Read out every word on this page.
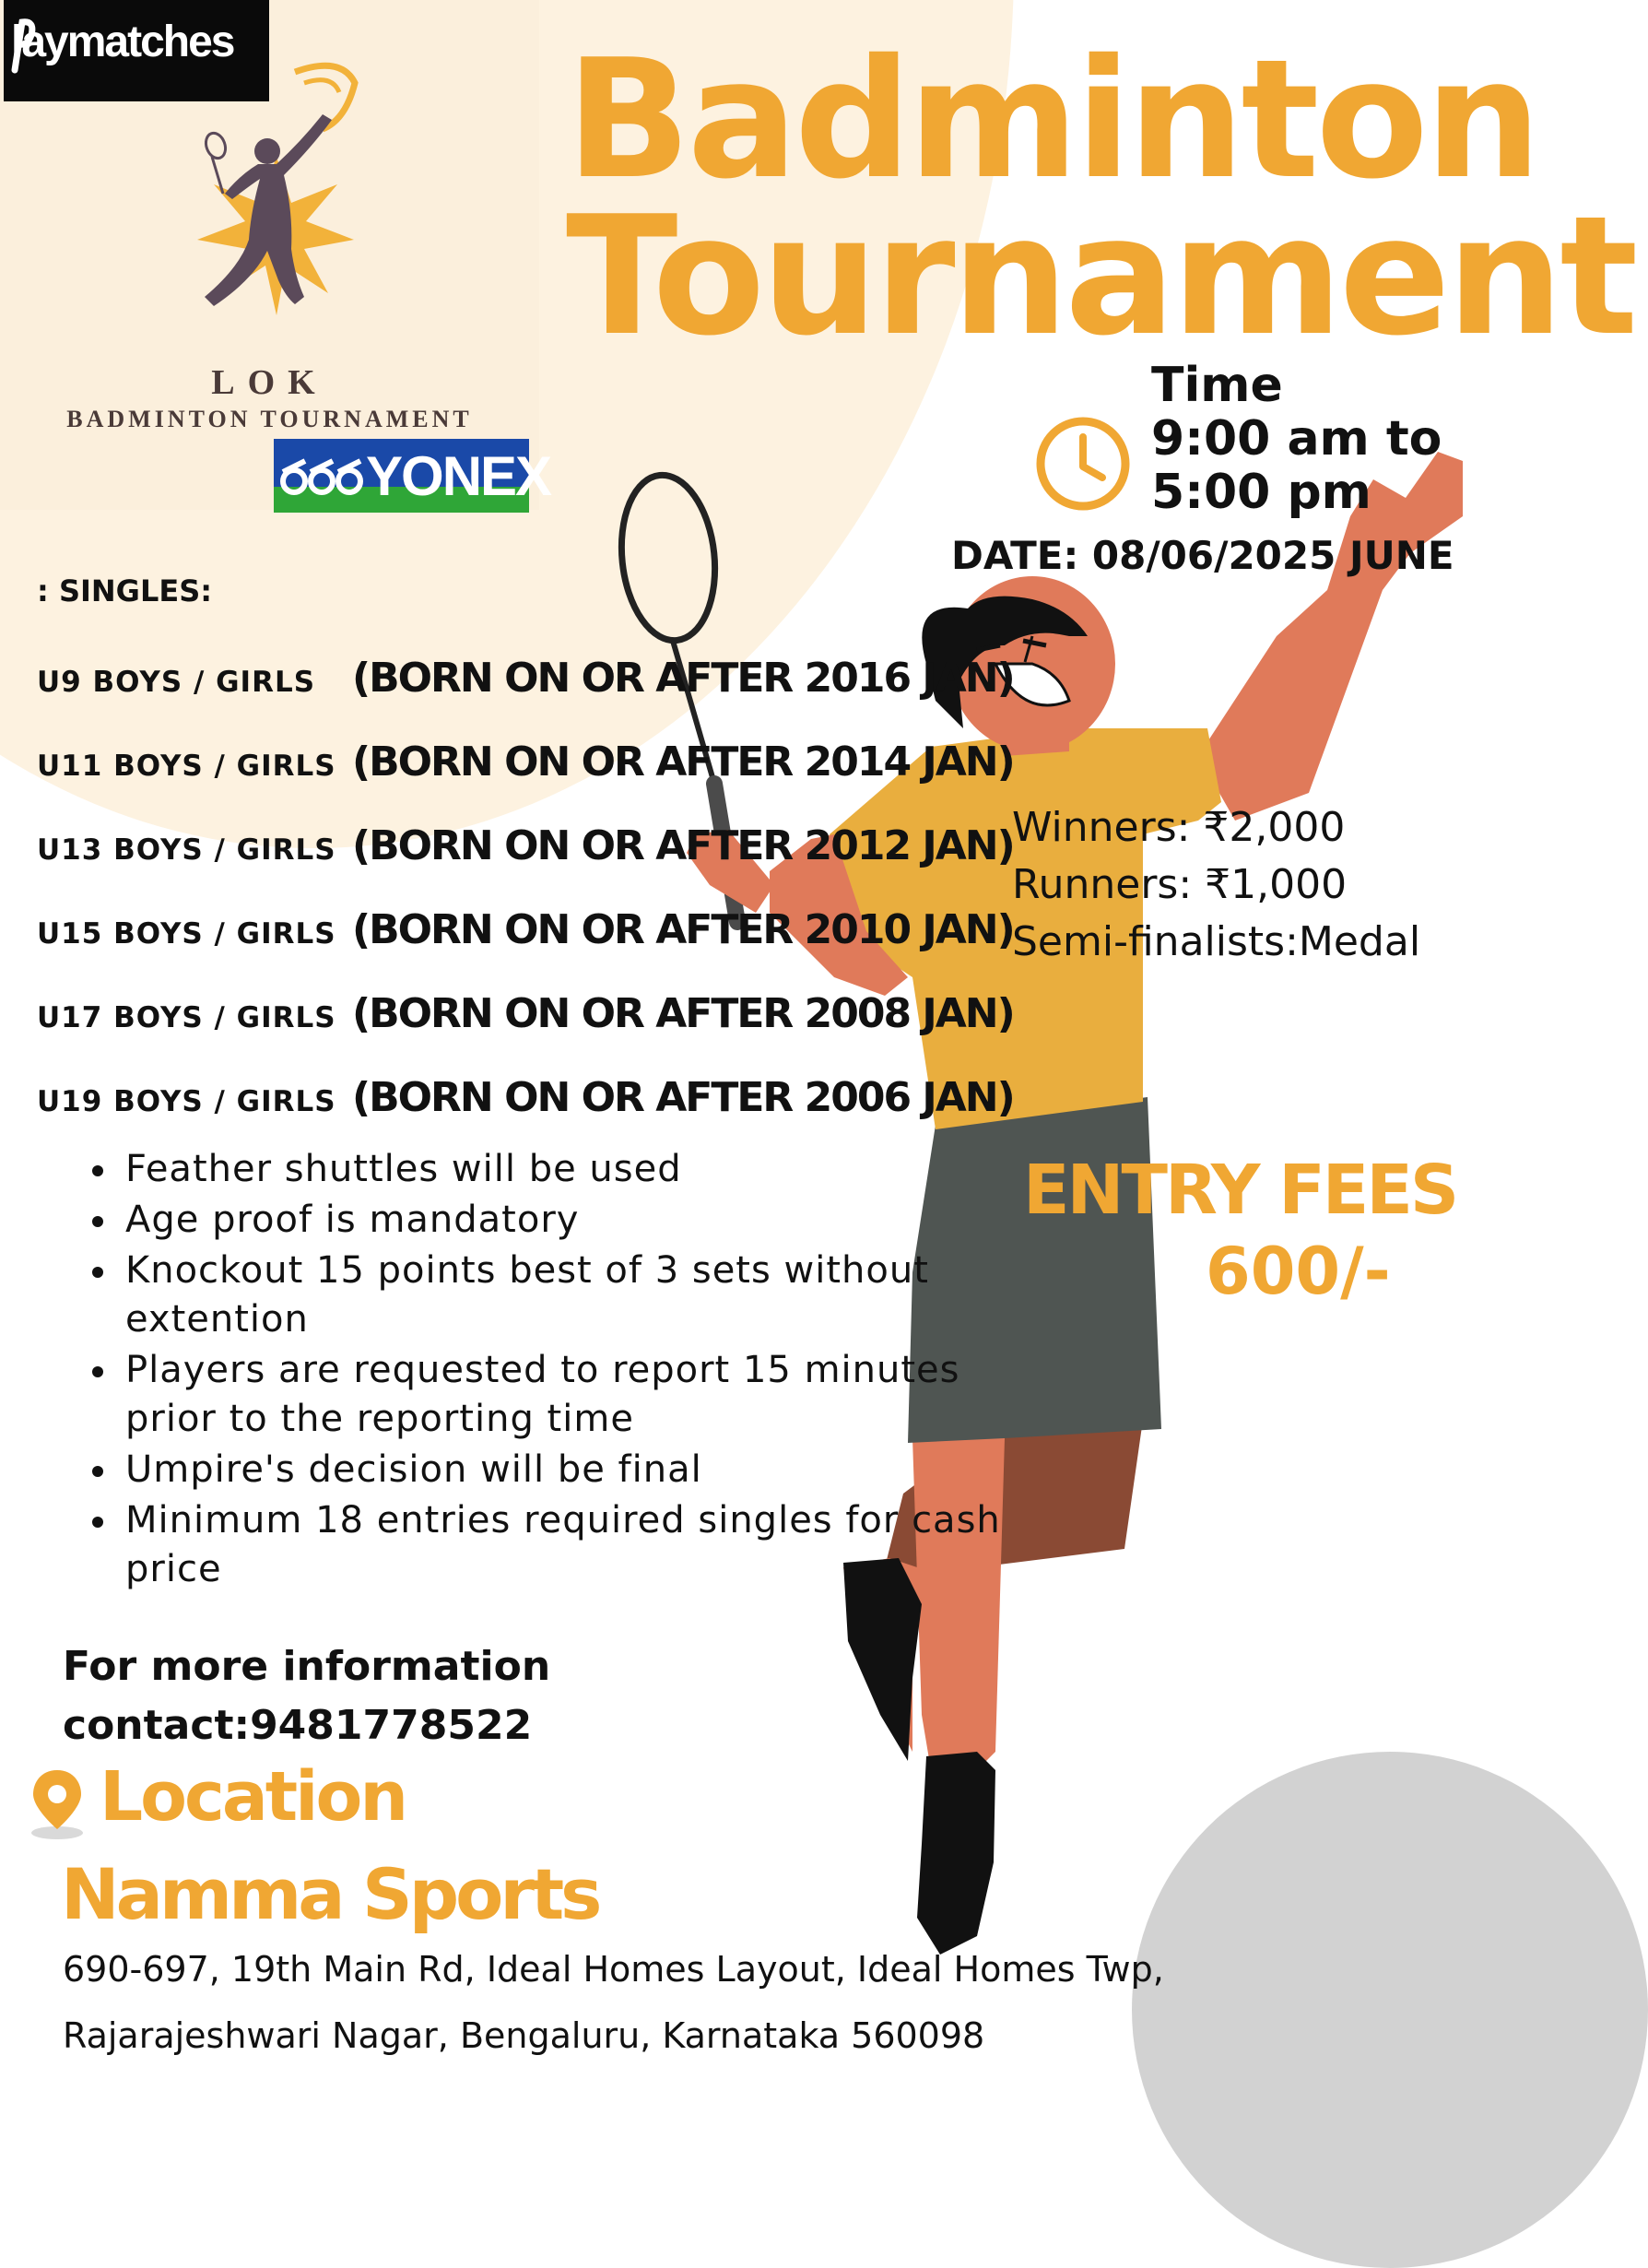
laymatches
LOK
BADMINTON TOURNAMENT
YONEX
Badminton
Tournament
Time
9:00 am to
5:00 pm
DATE: 08/06/2025 JUNE
: SINGLES:
U9 BOYS / GIRLS (BORN ON OR AFTER 2016 JAN)
U11 BOYS / GIRLS (BORN ON OR AFTER 2014 JAN)
U13 BOYS / GIRLS (BORN ON OR AFTER 2012 JAN)
U15 BOYS / GIRLS (BORN ON OR AFTER 2010 JAN)
U17 BOYS / GIRLS (BORN ON OR AFTER 2008 JAN)
U19 BOYS / GIRLS (BORN ON OR AFTER 2006 JAN)
Winners: ₹2,000
Runners: ₹1,000
Semi-finalists:Medal
ENTRY FEES
600/-
Feather shuttles will be used
Age proof is mandatory
Knockout 15 points best of 3 sets without extention
Players are requested to report 15 minutes prior to the reporting time
Umpire's decision will be final
Minimum 18 entries required singles for cash price
For more information
contact:9481778522
Location
Namma Sports
690-697, 19th Main Rd, Ideal Homes Layout, Ideal Homes Twp,
Rajarajeshwari Nagar, Bengaluru, Karnataka 560098
